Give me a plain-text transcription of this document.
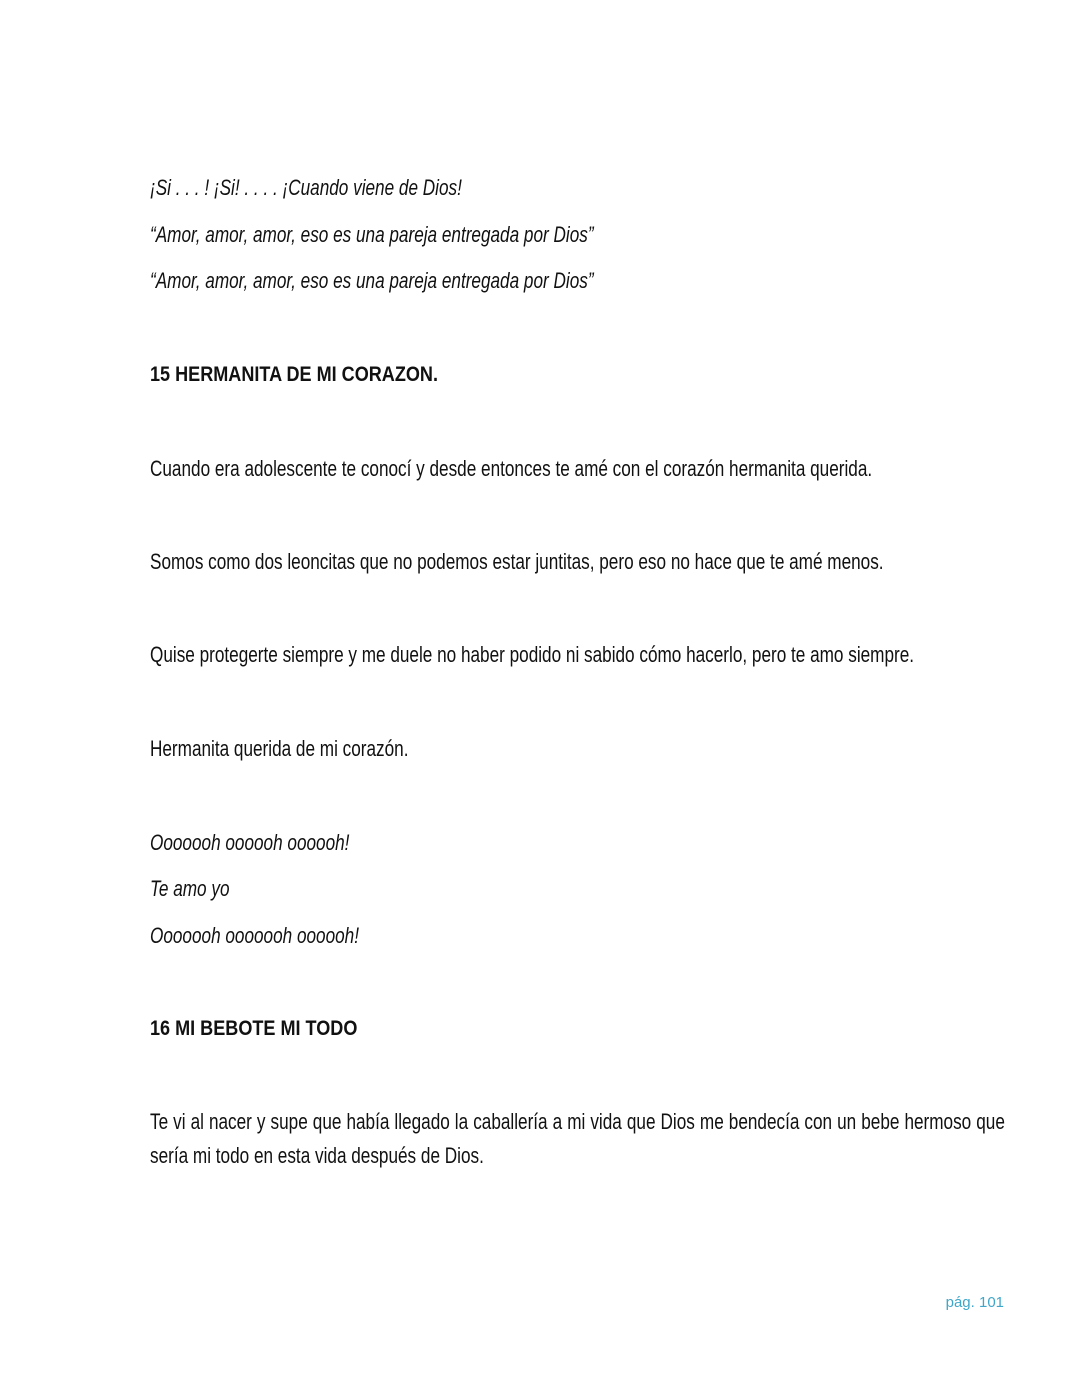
¡Si . . . ! ¡Si! . . . . ¡Cuando viene de Dios!
“Amor, amor, amor, eso es una pareja entregada por Dios”
“Amor, amor, amor, eso es una pareja entregada por Dios”
15 HERMANITA DE MI CORAZON.
Cuando era adolescente te conocí y desde entonces te amé con el corazón hermanita querida.
Somos como dos leoncitas que no podemos estar juntitas, pero eso no hace que te amé menos.
Quise protegerte siempre y me duele no haber podido ni sabido cómo hacerlo, pero te amo siempre.
Hermanita querida de mi corazón.
Ooooooh oooooh oooooh!
Te amo yo
Ooooooh ooooooh oooooh!
16 MI BEBOTE MI TODO
Te vi al nacer y supe que había llegado la caballería a mi vida que Dios me bendecía con un bebe hermoso que sería mi todo en esta vida después de Dios.
pág. 101
